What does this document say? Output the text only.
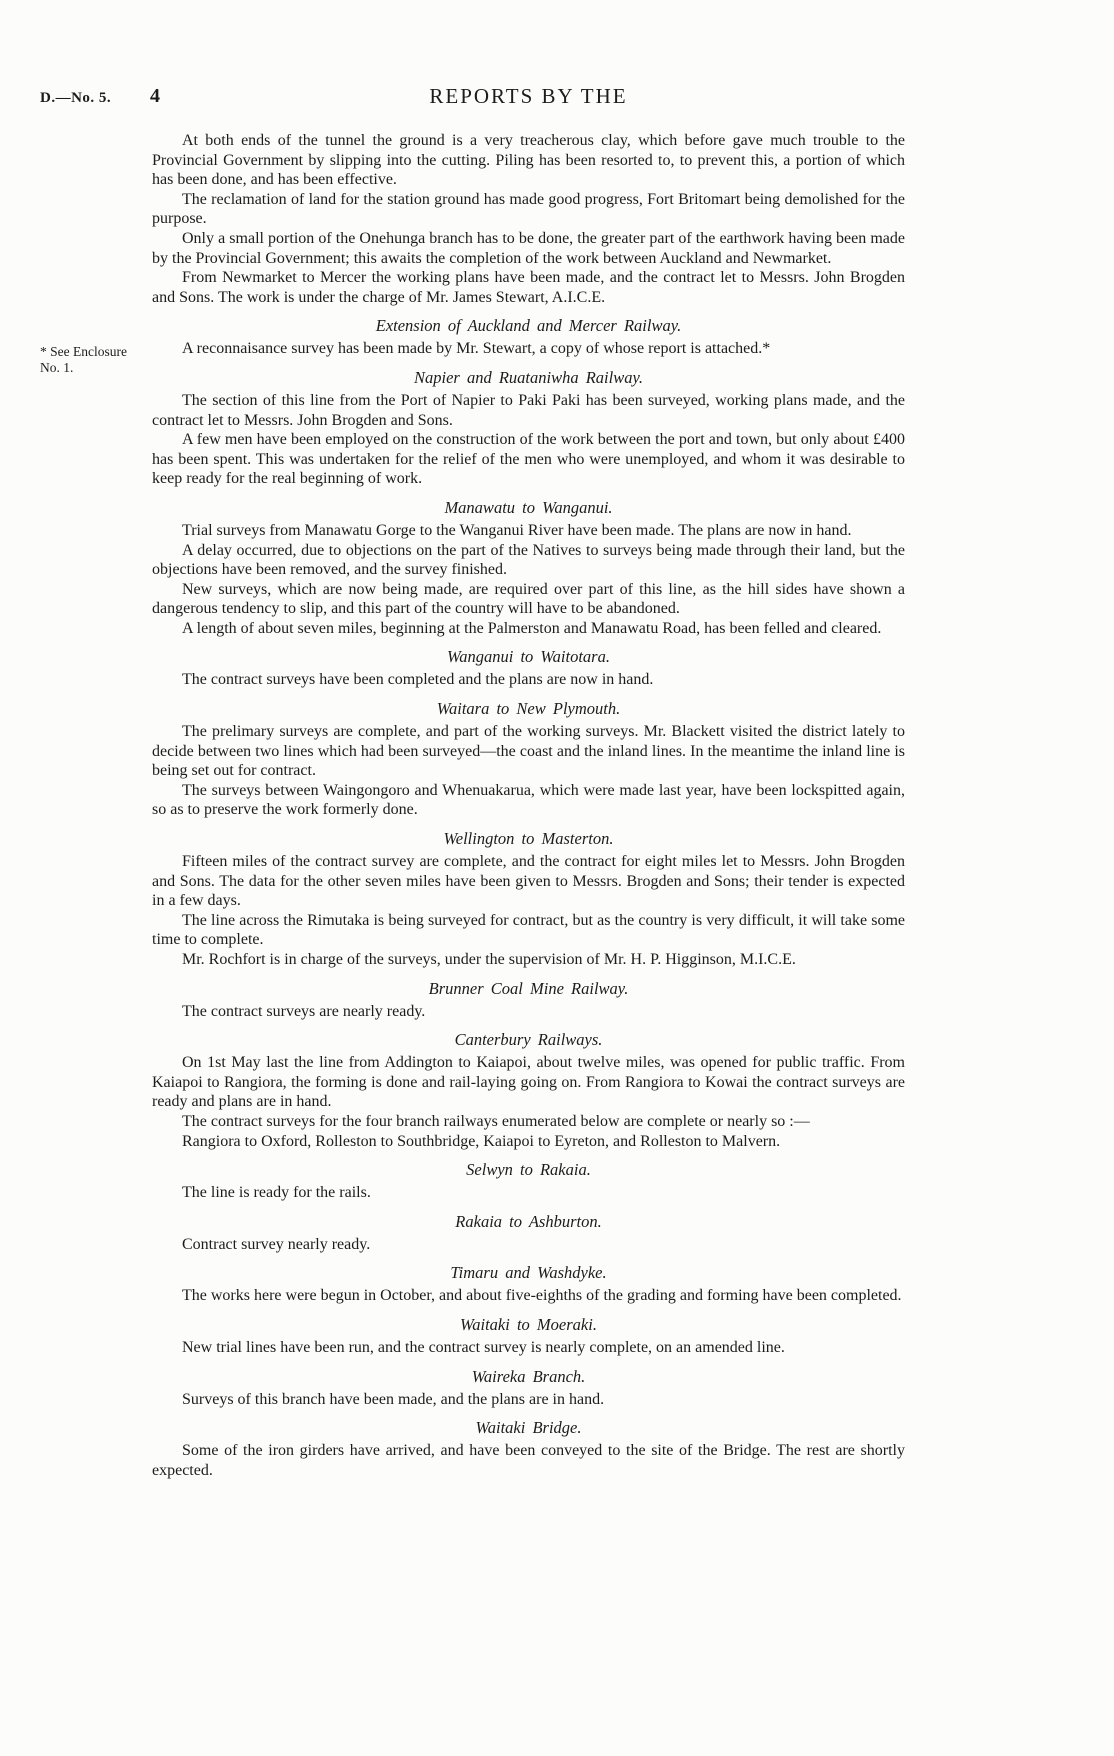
D.—No. 5. 4	REPORTS BY THE
* See Enclosure
No. 1.

At both ends of the tunnel the ground is a very treacherous clay, which before gave much trouble to the Provincial Government by slipping into the cutting. Piling has been resorted to, to prevent this, a portion of which has been done, and has been effective.

The reclamation of land for the station ground has made good progress, Fort Britomart being demolished for the purpose.

Only a small portion of the Onehunga branch has to be done, the greater part of the earthwork having been made by the Provincial Government; this awaits the completion of the work between Auckland and Newmarket.

From Newmarket to Mercer the working plans have been made, and the contract let to Messrs. John Brogden and Sons. The work is under the charge of Mr. James Stewart, A.I.C.E.

Extension of Auckland and Mercer Railway.

A reconnaisance survey has been made by Mr. Stewart, a copy of whose report is attached.*

Napier and Ruataniwha Railway.

The section of this line from the Port of Napier to Paki Paki has been surveyed, working plans made, and the contract let to Messrs. John Brogden and Sons.

A few men have been employed on the construction of the work between the port and town, but only about £400 has been spent. This was undertaken for the relief of the men who were unemployed, and whom it was desirable to keep ready for the real beginning of work.

Manawatu to Wanganui.

Trial surveys from Manawatu Gorge to the Wanganui River have been made. The plans are now in hand.

A delay occurred, due to objections on the part of the Natives to surveys being made through their land, but the objections have been removed, and the survey finished.

New surveys, which are now being made, are required over part of this line, as the hill sides have shown a dangerous tendency to slip, and this part of the country will have to be abandoned.

A length of about seven miles, beginning at the Palmerston and Manawatu Road, has been felled and cleared.

Wanganui to Waitotara.

The contract surveys have been completed and the plans are now in hand.

Waitara to New Plymouth.

The prelimary surveys are complete, and part of the working surveys. Mr. Blackett visited the district lately to decide between two lines which had been surveyed—the coast and the inland lines. In the meantime the inland line is being set out for contract.

The surveys between Waingongoro and Whenuakarua, which were made last year, have been lockspitted again, so as to preserve the work formerly done.

Wellington to Masterton.

Fifteen miles of the contract survey are complete, and the contract for eight miles let to Messrs. John Brogden and Sons. The data for the other seven miles have been given to Messrs. Brogden and Sons; their tender is expected in a few days.

The line across the Rimutaka is being surveyed for contract, but as the country is very difficult, it will take some time to complete.

Mr. Rochfort is in charge of the surveys, under the supervision of Mr. H. P. Higginson, M.I.C.E.

Brunner Coal Mine Railway.

The contract surveys are nearly ready.

Canterbury Railways.

On 1st May last the line from Addington to Kaiapoi, about twelve miles, was opened for public traffic. From Kaiapoi to Rangiora, the forming is done and rail-laying going on. From Rangiora to Kowai the contract surveys are ready and plans are in hand.

The contract surveys for the four branch railways enumerated below are complete or nearly so :—

Rangiora to Oxford, Rolleston to Southbridge, Kaiapoi to Eyreton, and Rolleston to Malvern.

Selwyn to Rakaia.

The line is ready for the rails.

Rakaia to Ashburton.

Contract survey nearly ready.

Timaru and Washdyke.

The works here were begun in October, and about five-eighths of the grading and forming have been completed.

Waitaki to Moeraki.

New trial lines have been run, and the contract survey is nearly complete, on an amended line.

Waireka Branch.

Surveys of this branch have been made, and the plans are in hand.

Waitaki Bridge.

Some of the iron girders have arrived, and have been conveyed to the site of the Bridge. The rest are shortly expected.
